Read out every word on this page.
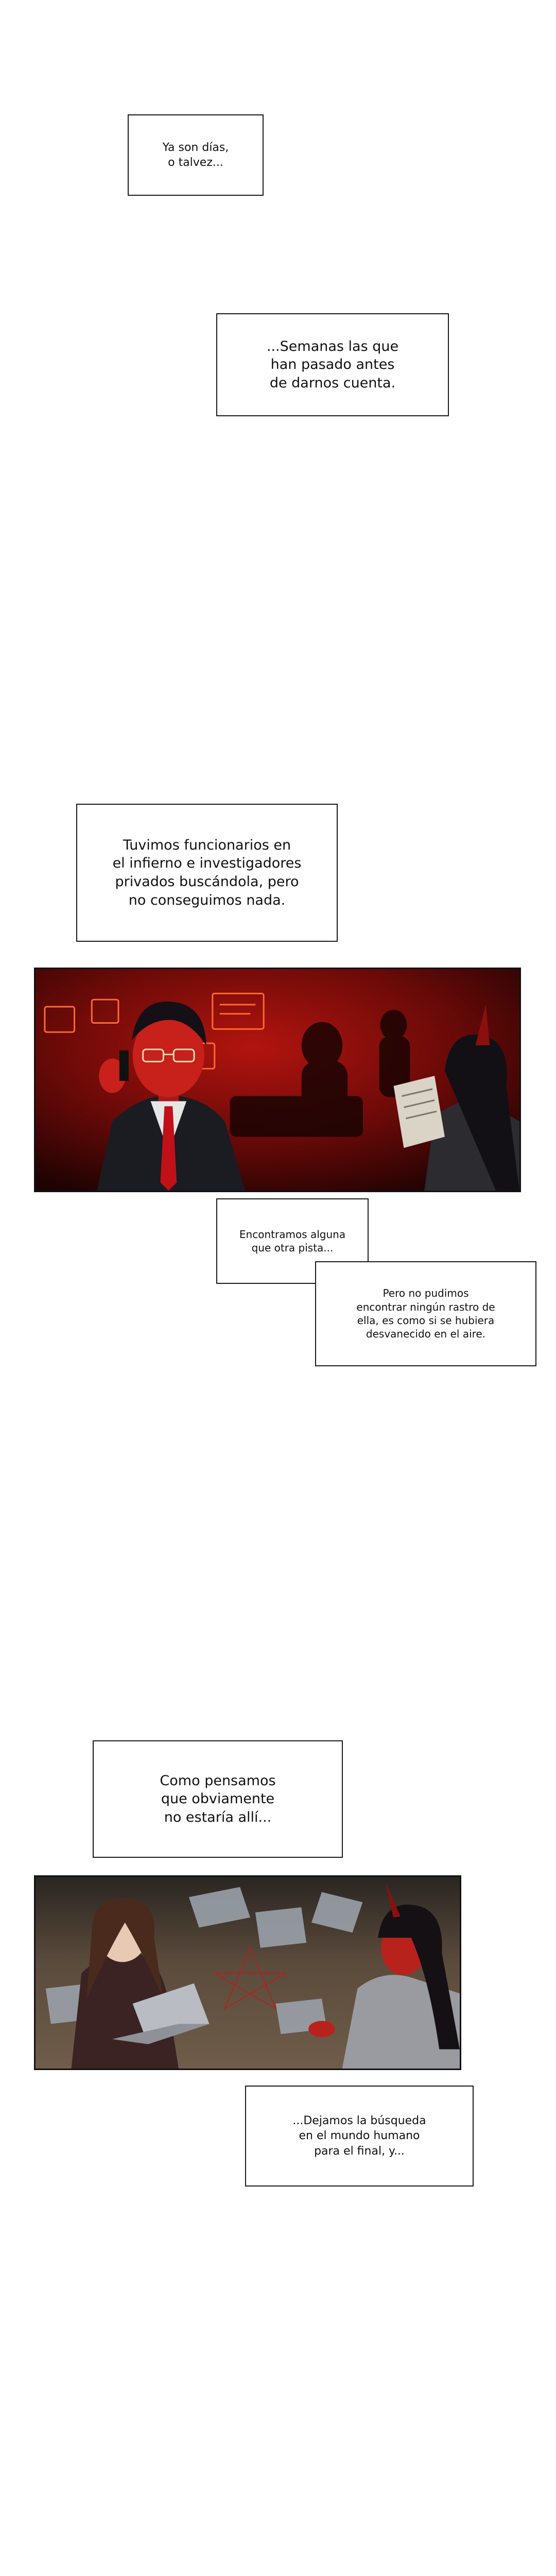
Ya son días,
o talvez...
...Semanas las que
han pasado antes
de darnos cuenta.
Tuvimos funcionarios en
el infierno e investigadores
privados buscándola, pero
no conseguimos nada.
Encontramos alguna
que otra pista...
Pero no pudimos
encontrar ningún rastro de
ella, es como si se hubiera
desvanecido en el aire.
Como pensamos
que obviamente
no estaría allí...
...Dejamos la búsqueda
en el mundo humano
para el final, y...
